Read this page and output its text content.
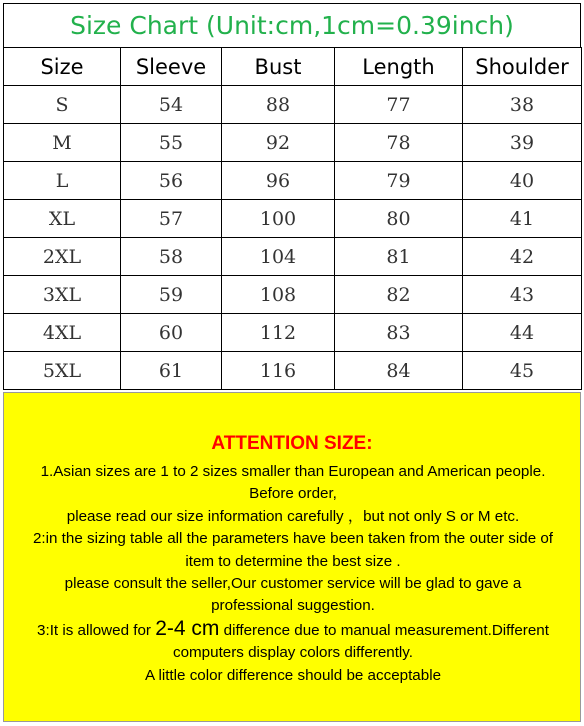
Size Chart (Unit:cm,1cm=0.39inch)
Size	Sleeve	Bust	Length	Shoulder
S	54	88	77	38
M	55	92	78	39
L	56	96	79	40
XL	57	100	80	41
2XL	58	104	81	42
3XL	59	108	82	43
4XL	60	112	83	44
5XL	61	116	84	45
ATTENTION SIZE:
1.Asian sizes are 1 to 2 sizes smaller than European and American people.
Before order,
please read our size information carefully ，but not only S or M etc.
2:in the sizing table all the parameters have been taken from the outer side of
item to determine the best size .
please consult the seller,Our customer service will be glad to gave a
professional suggestion.
3:It is allowed for 2-4 cm difference due to manual measurement.Different
computers display colors differently.
A little color difference should be acceptable
